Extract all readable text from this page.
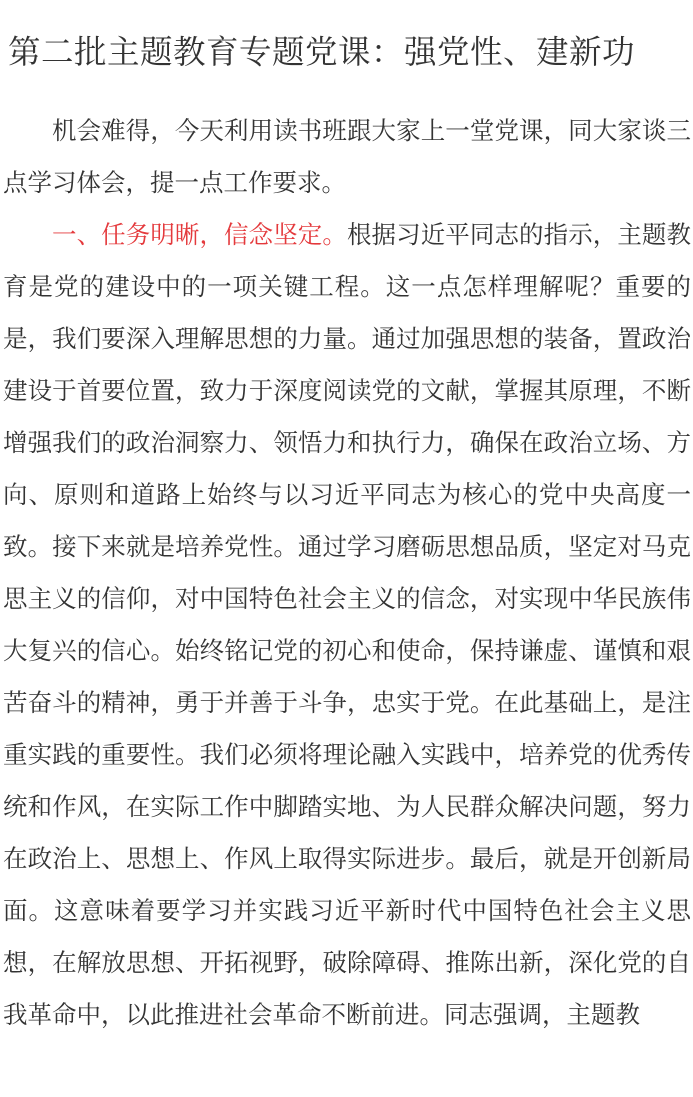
第二批主题教育专题党课：强党性、建新功

机会难得，今天利用读书班跟大家上一堂党课，同大家谈三点学习体会，提一点工作要求。

一、任务明晰，信念坚定。根据习近平同志的指示，主题教育是党的建设中的一项关键工程。这一点怎样理解呢？重要的是，我们要深入理解思想的力量。通过加强思想的装备，置政治建设于首要位置，致力于深度阅读党的文献，掌握其原理，不断增强我们的政治洞察力、领悟力和执行力，确保在政治立场、方向、原则和道路上始终与以习近平同志为核心的党中央高度一致。接下来就是培养党性。通过学习磨砺思想品质，坚定对马克思主义的信仰，对中国特色社会主义的信念，对实现中华民族伟大复兴的信心。始终铭记党的初心和使命，保持谦虚、谨慎和艰苦奋斗的精神，勇于并善于斗争，忠实于党。在此基础上，是注重实践的重要性。我们必须将理论融入实践中，培养党的优秀传统和作风，在实际工作中脚踏实地、为人民群众解决问题，努力在政治上、思想上、作风上取得实际进步。最后，就是开创新局面。这意味着要学习并实践习近平新时代中国特色社会主义思想，在解放思想、开拓视野，破除障碍、推陈出新，深化党的自我革命中，以此推进社会革命不断前进。同志强调，主题教
